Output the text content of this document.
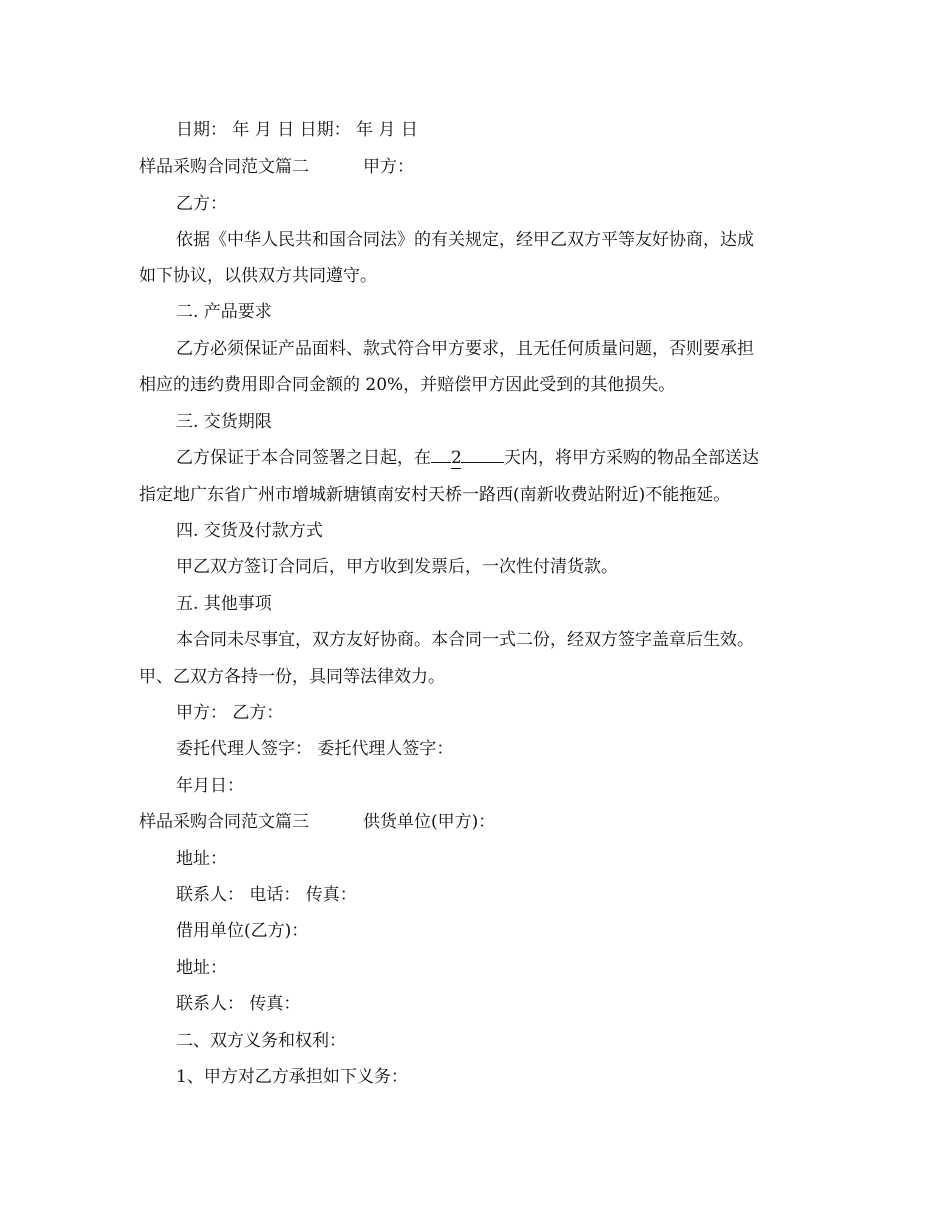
日期： 年 月 日 日期： 年 月 日
样品采购合同范文篇二	甲方：
乙方：
依据《中华人民共和国合同法》的有关规定，经甲乙双方平等友好协商，达成
如下协议，以供双方共同遵守。
二. 产品要求
乙方必须保证产品面料、款式符合甲方要求，且无任何质量问题，否则要承担
相应的违约费用即合同金额的 20%，并赔偿甲方因此受到的其他损失。
三. 交货期限
乙方保证于本合同签署之日起，在 2 天内，将甲方采购的物品全部送达
指定地广东省广州市增城新塘镇南安村天桥一路西(南新收费站附近)不能拖延。
四. 交货及付款方式
甲乙双方签订合同后，甲方收到发票后，一次性付清货款。
五. 其他事项
本合同未尽事宜，双方友好协商。本合同一式二份，经双方签字盖章后生效。
甲、乙双方各持一份，具同等法律效力。
甲方： 乙方：
委托代理人签字： 委托代理人签字：
年月日：
样品采购合同范文篇三	供货单位(甲方)：
地址：
联系人： 电话： 传真：
借用单位(乙方)：
地址：
联系人： 传真：
二、双方义务和权利：
1、甲方对乙方承担如下义务：
